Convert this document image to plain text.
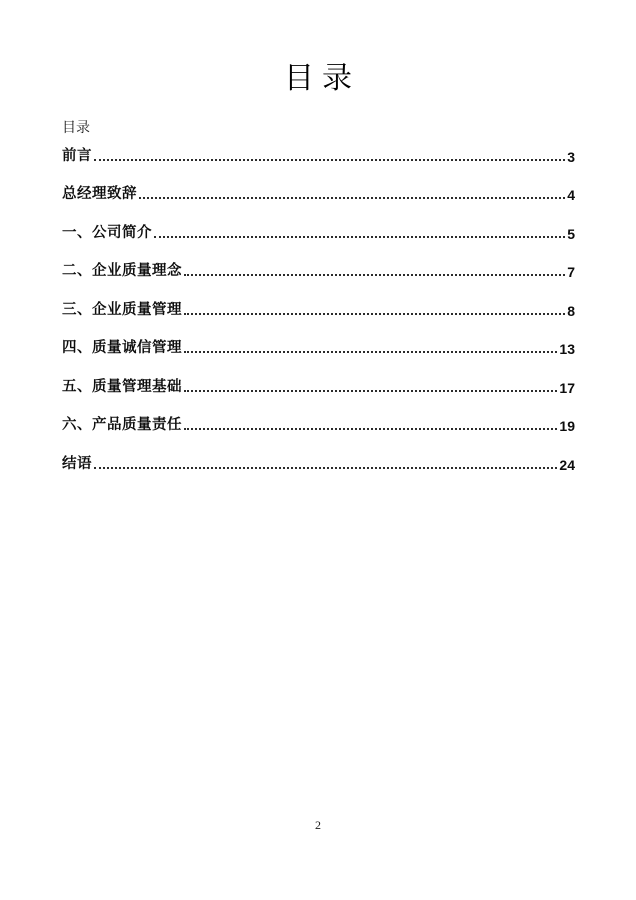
目录
目录
前言	3
总经理致辞	4
一、公司简介	5
二、企业质量理念	7
三、企业质量管理	8
四、质量诚信管理	13
五、质量管理基础	17
六、产品质量责任	19
结语	24
2
